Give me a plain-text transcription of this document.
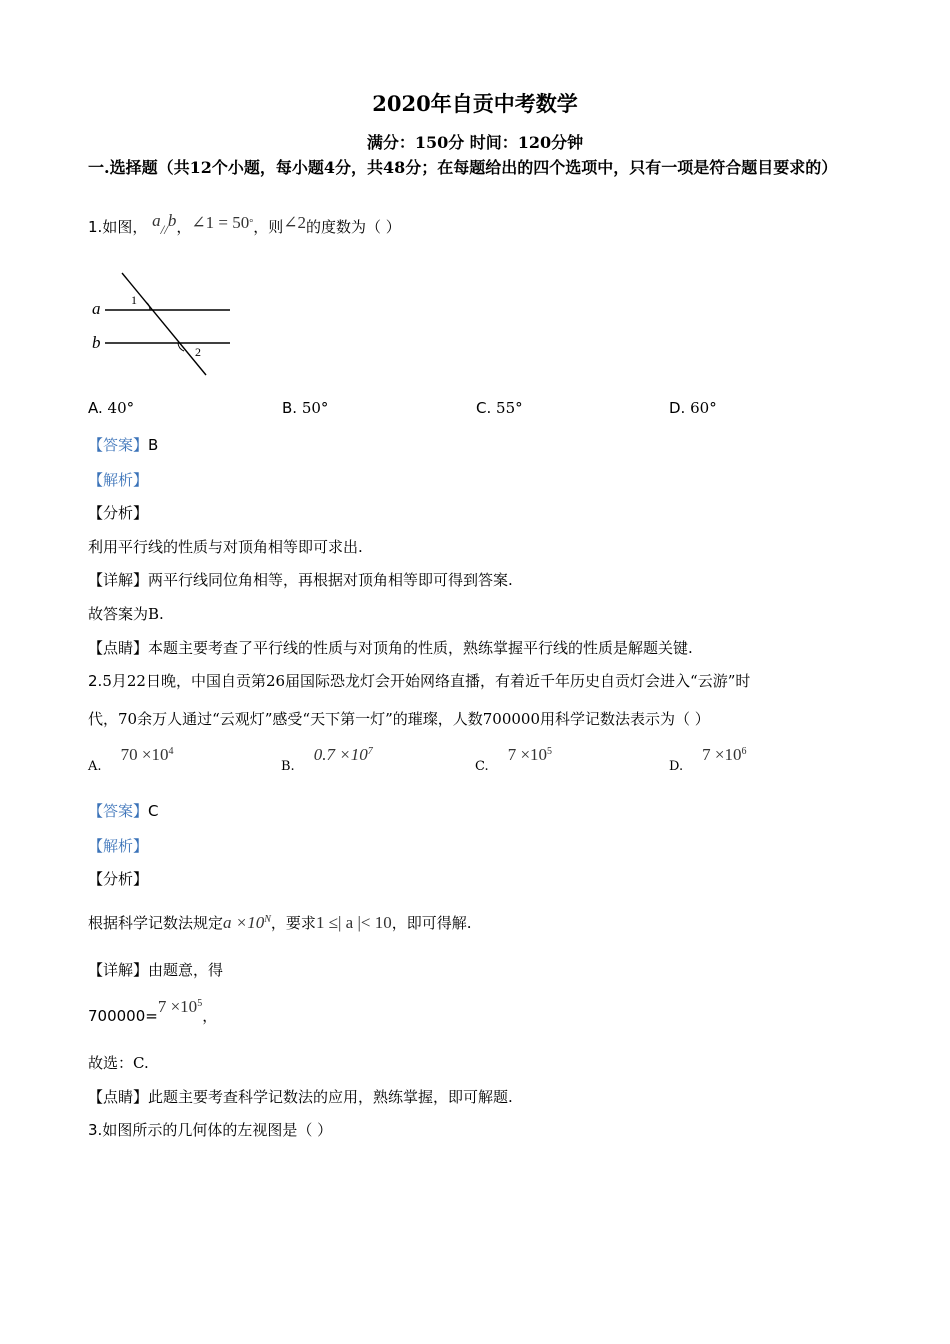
2020年自贡中考数学
满分：150分 时间：120分钟
一.选择题（共12个小题，每小题4分，共48分；在每题给出的四个选项中，只有一项是符合题目要求的）
1.如图， a//b，∠1 = 50°，则∠2的度数为（ ）
a
b
1
2
A. 40°	B. 50°	C. 55°	D. 60°
【答案】B
【解析】
【分析】
利用平行线的性质与对顶角相等即可求出.
【详解】两平行线同位角相等，再根据对顶角相等即可得到答案.
故答案为B.
【点睛】本题主要考查了平行线的性质与对顶角的性质，熟练掌握平行线的性质是解题关键.
2.5月22日晚，中国自贡第26届国际恐龙灯会开始网络直播，有着近千年历史自贡灯会进入“云游”时
代，70余万人通过“云观灯”感受“天下第一灯”的璀璨，人数700000用科学记数法表示为（ ）
A.    $70 \times 10^4$
B.    $0.7 \times 10^7$
C.    $7 \times 10^5$
D.    $7 \times 10^6$
【答案】C
【解析】
【分析】
根据科学记数法规定$a \times 10^N$，要求1 ≤| a |< 10，即可得解.
【详解】由题意，得
$700000=7 \times 10^5$，
故选：C.
【点睛】此题主要考查科学记数法的应用，熟练掌握，即可解题.
3.如图所示的几何体的左视图是（ ）
